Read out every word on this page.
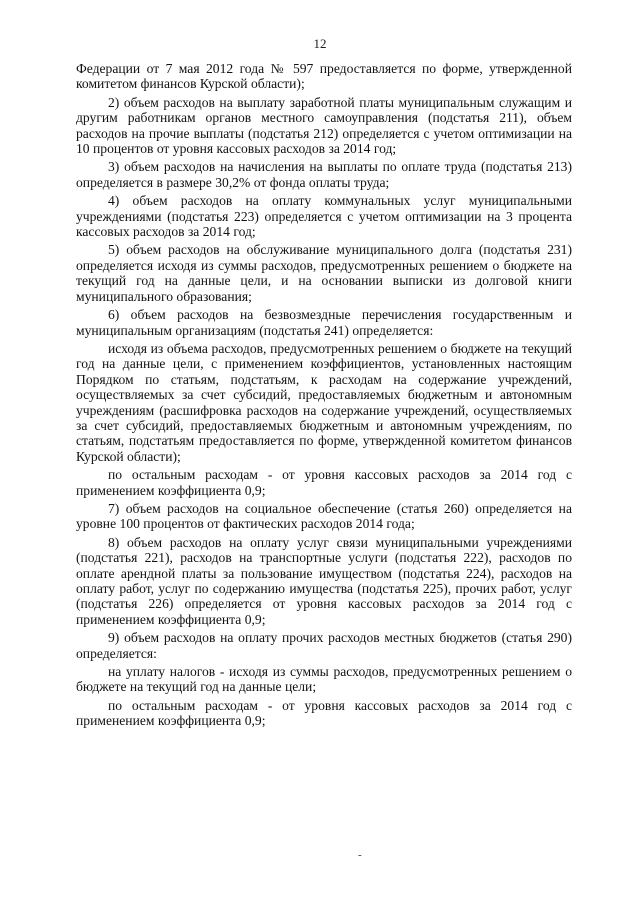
12

Федерации от 7 мая 2012 года № 597 предоставляется по форме, утвержденной комитетом финансов Курской области);

2) объем расходов на выплату заработной платы муниципальным служащим и другим работникам органов местного самоуправления (подстатья 211), объем расходов на прочие выплаты (подстатья 212) определяется с учетом оптимизации на 10 процентов от уровня кассовых расходов за 2014 год;

3) объем расходов на начисления на выплаты по оплате труда (подстатья 213) определяется в размере 30,2% от фонда оплаты труда;

4) объем расходов на оплату коммунальных услуг муниципальными учреждениями (подстатья 223) определяется с учетом оптимизации на 3 процента кассовых расходов за 2014 год;

5) объем расходов на обслуживание муниципального долга (подстатья 231) определяется исходя из суммы расходов, предусмотренных решением о бюджете на текущий год на данные цели, и на основании выписки из долговой книги муниципального образования;

6) объем расходов на безвозмездные перечисления государственным и муниципальным организациям (подстатья 241) определяется:

исходя из объема расходов, предусмотренных решением о бюджете на текущий год на данные цели, с применением коэффициентов, установленных настоящим Порядком по статьям, подстатьям, к расходам на содержание учреждений, осуществляемых за счет субсидий, предоставляемых бюджетным и автономным учреждениям (расшифровка расходов на содержание учреждений, осуществляемых за счет субсидий, предоставляемых бюджетным и автономным учреждениям, по статьям, подстатьям предоставляется по форме, утвержденной комитетом финансов Курской области);

по остальным расходам - от уровня кассовых расходов за 2014 год с применением коэффициента 0,9;

7) объем расходов на социальное обеспечение (статья 260) определяется на уровне 100 процентов от фактических расходов 2014 года;

8) объем расходов на оплату услуг связи муниципальными учреждениями (подстатья 221), расходов на транспортные услуги (подстатья 222), расходов по оплате арендной платы за пользование имуществом (подстатья 224), расходов на оплату работ, услуг по содержанию имущества (подстатья 225), прочих работ, услуг (подстатья 226) определяется от уровня кассовых расходов за 2014 год с применением коэффициента 0,9;

9) объем расходов на оплату прочих расходов местных бюджетов (статья 290) определяется:

на уплату налогов - исходя из суммы расходов, предусмотренных решением о бюджете на текущий год на данные цели;

по остальным расходам - от уровня кассовых расходов за 2014 год с применением коэффициента 0,9;

-
